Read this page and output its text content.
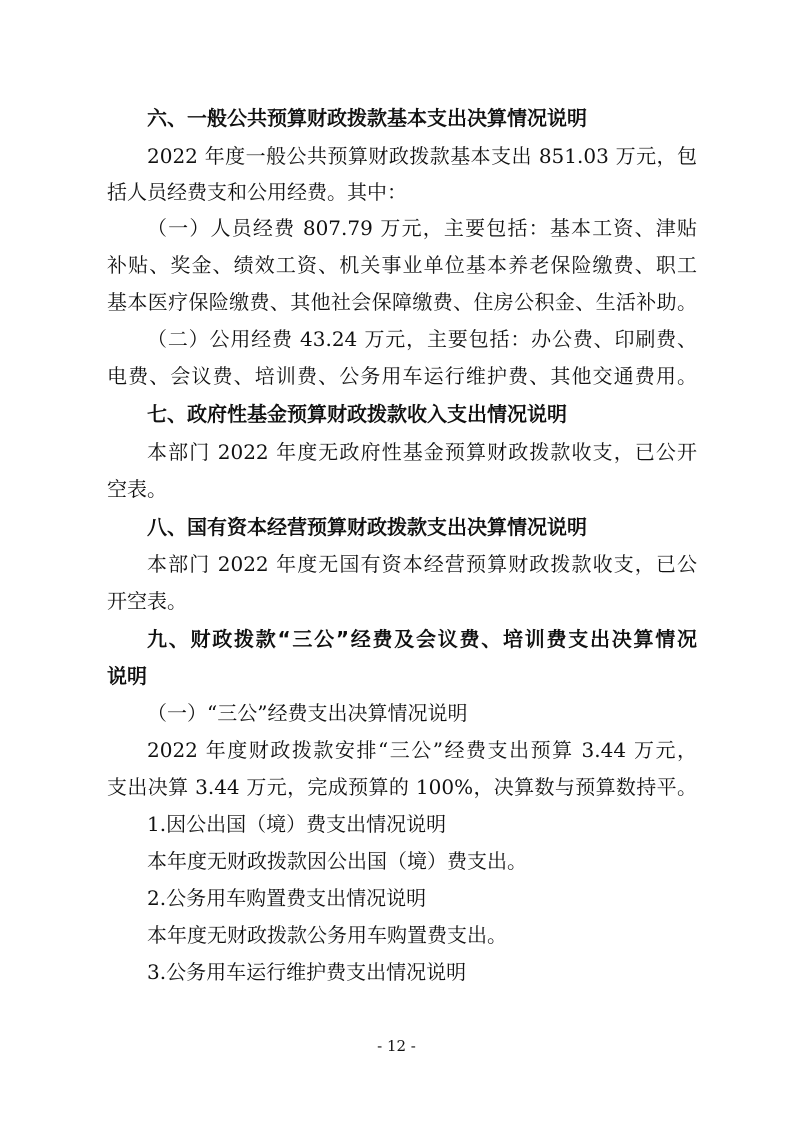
六、一般公共预算财政拨款基本支出决算情况说明
2022 年度一般公共预算财政拨款基本支出 851.03 万元，包
括人员经费支和公用经费。其中：
（一）人员经费 807.79 万元，主要包括：基本工资、津贴
补贴、奖金、绩效工资、机关事业单位基本养老保险缴费、职工
基本医疗保险缴费、其他社会保障缴费、住房公积金、生活补助。
（二）公用经费 43.24 万元，主要包括：办公费、印刷费、
电费、会议费、培训费、公务用车运行维护费、其他交通费用。
七、政府性基金预算财政拨款收入支出情况说明
本部门 2022 年度无政府性基金预算财政拨款收支，已公开
空表。
八、国有资本经营预算财政拨款支出决算情况说明
本部门 2022 年度无国有资本经营预算财政拨款收支，已公
开空表。
九、财政拨款“三公”经费及会议费、培训费支出决算情况
说明
（一）“三公”经费支出决算情况说明
2022 年度财政拨款安排“三公”经费支出预算 3.44 万元，
支出决算 3.44 万元，完成预算的 100%，决算数与预算数持平。
1.因公出国（境）费支出情况说明
本年度无财政拨款因公出国（境）费支出。
2.公务用车购置费支出情况说明
本年度无财政拨款公务用车购置费支出。
3.公务用车运行维护费支出情况说明
- 12 -
